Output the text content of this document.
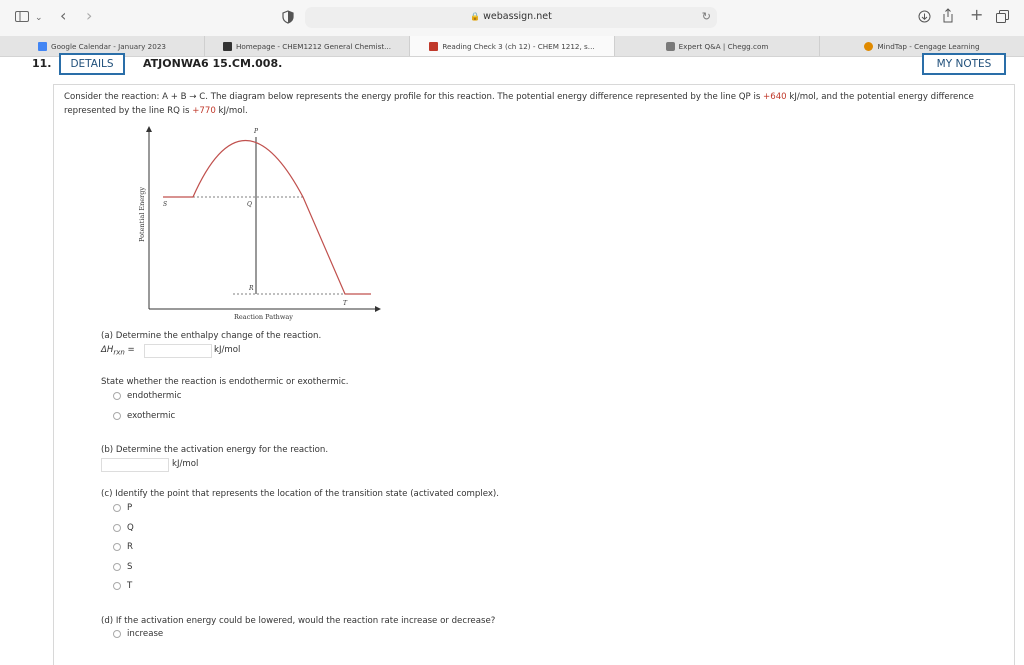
⌄ ‹ ›	🔒 webassign.net	↻	+
Google Calendar - January 2023	Homepage - CHEM1212 General Chemist...	Reading Check 3 (ch 12) - CHEM 1212, s...	Expert Q&A | Chegg.com	MindTap - Cengage Learning
11.	DETAILS	ATJONWA6 15.CM.008.	MY NOTES
Consider the reaction: A + B → C. The diagram below represents the energy profile for this reaction. The potential energy difference represented by the line QP is +640 kJ/mol, and the potential energy difference represented by the line RQ is +770 kJ/mol.
P
Q
R
S
T
Potential Energy
Reaction Pathway
(a) Determine the enthalpy change of the reaction.
$\Delta H_{rxn}$ =	kJ/mol
State whether the reaction is endothermic or exothermic.
endothermic
exothermic
(b) Determine the activation energy for the reaction.
kJ/mol
(c) Identify the point that represents the location of the transition state (activated complex).
P
Q
R
S
T
(d) If the activation energy could be lowered, would the reaction rate increase or decrease?
increase
